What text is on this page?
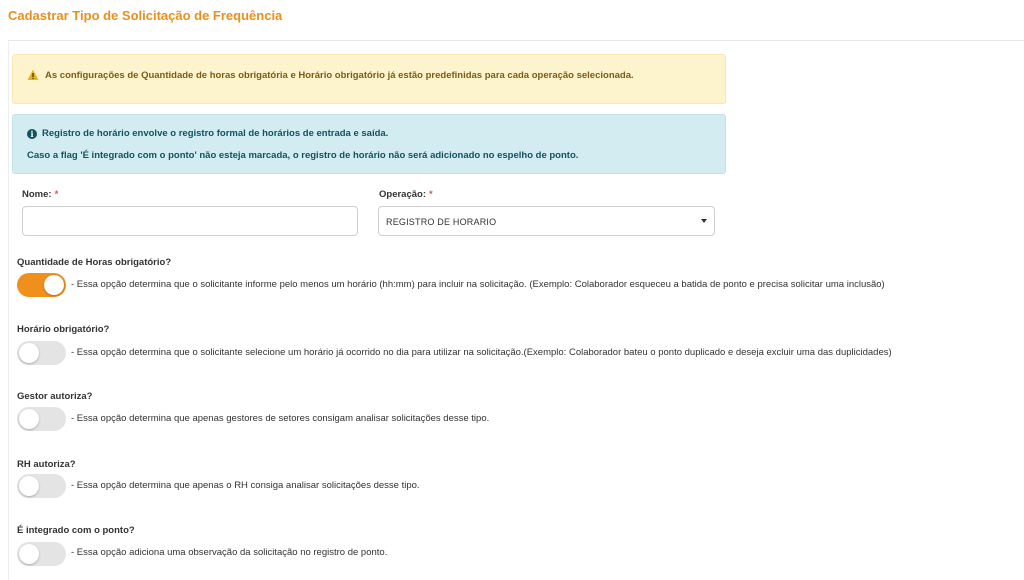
Cadastrar Tipo de Solicitação de Frequência
As configurações de Quantidade de horas obrigatória e Horário obrigatório já estão predefinidas para cada operação selecionada.
i Registro de horário envolve o registro formal de horários de entrada e saída.
Caso a flag 'É integrado com o ponto' não esteja marcada, o registro de horário não será adicionado no espelho de ponto.
Nome: *	Operação: *
REGISTRO DE HORARIO
Quantidade de Horas obrigatório?
- Essa opção determina que o solicitante informe pelo menos um horário (hh:mm) para incluir na solicitação. (Exemplo: Colaborador esqueceu a batida de ponto e precisa solicitar uma inclusão)
Horário obrigatório?
- Essa opção determina que o solicitante selecione um horário já ocorrido no dia para utilizar na solicitação.(Exemplo: Colaborador bateu o ponto duplicado e deseja excluir uma das duplicidades)
Gestor autoriza?
- Essa opção determina que apenas gestores de setores consigam analisar solicitações desse tipo.
RH autoriza?
- Essa opção determina que apenas o RH consiga analisar solicitações desse tipo.
É integrado com o ponto?
- Essa opção adiciona uma observação da solicitação no registro de ponto.
